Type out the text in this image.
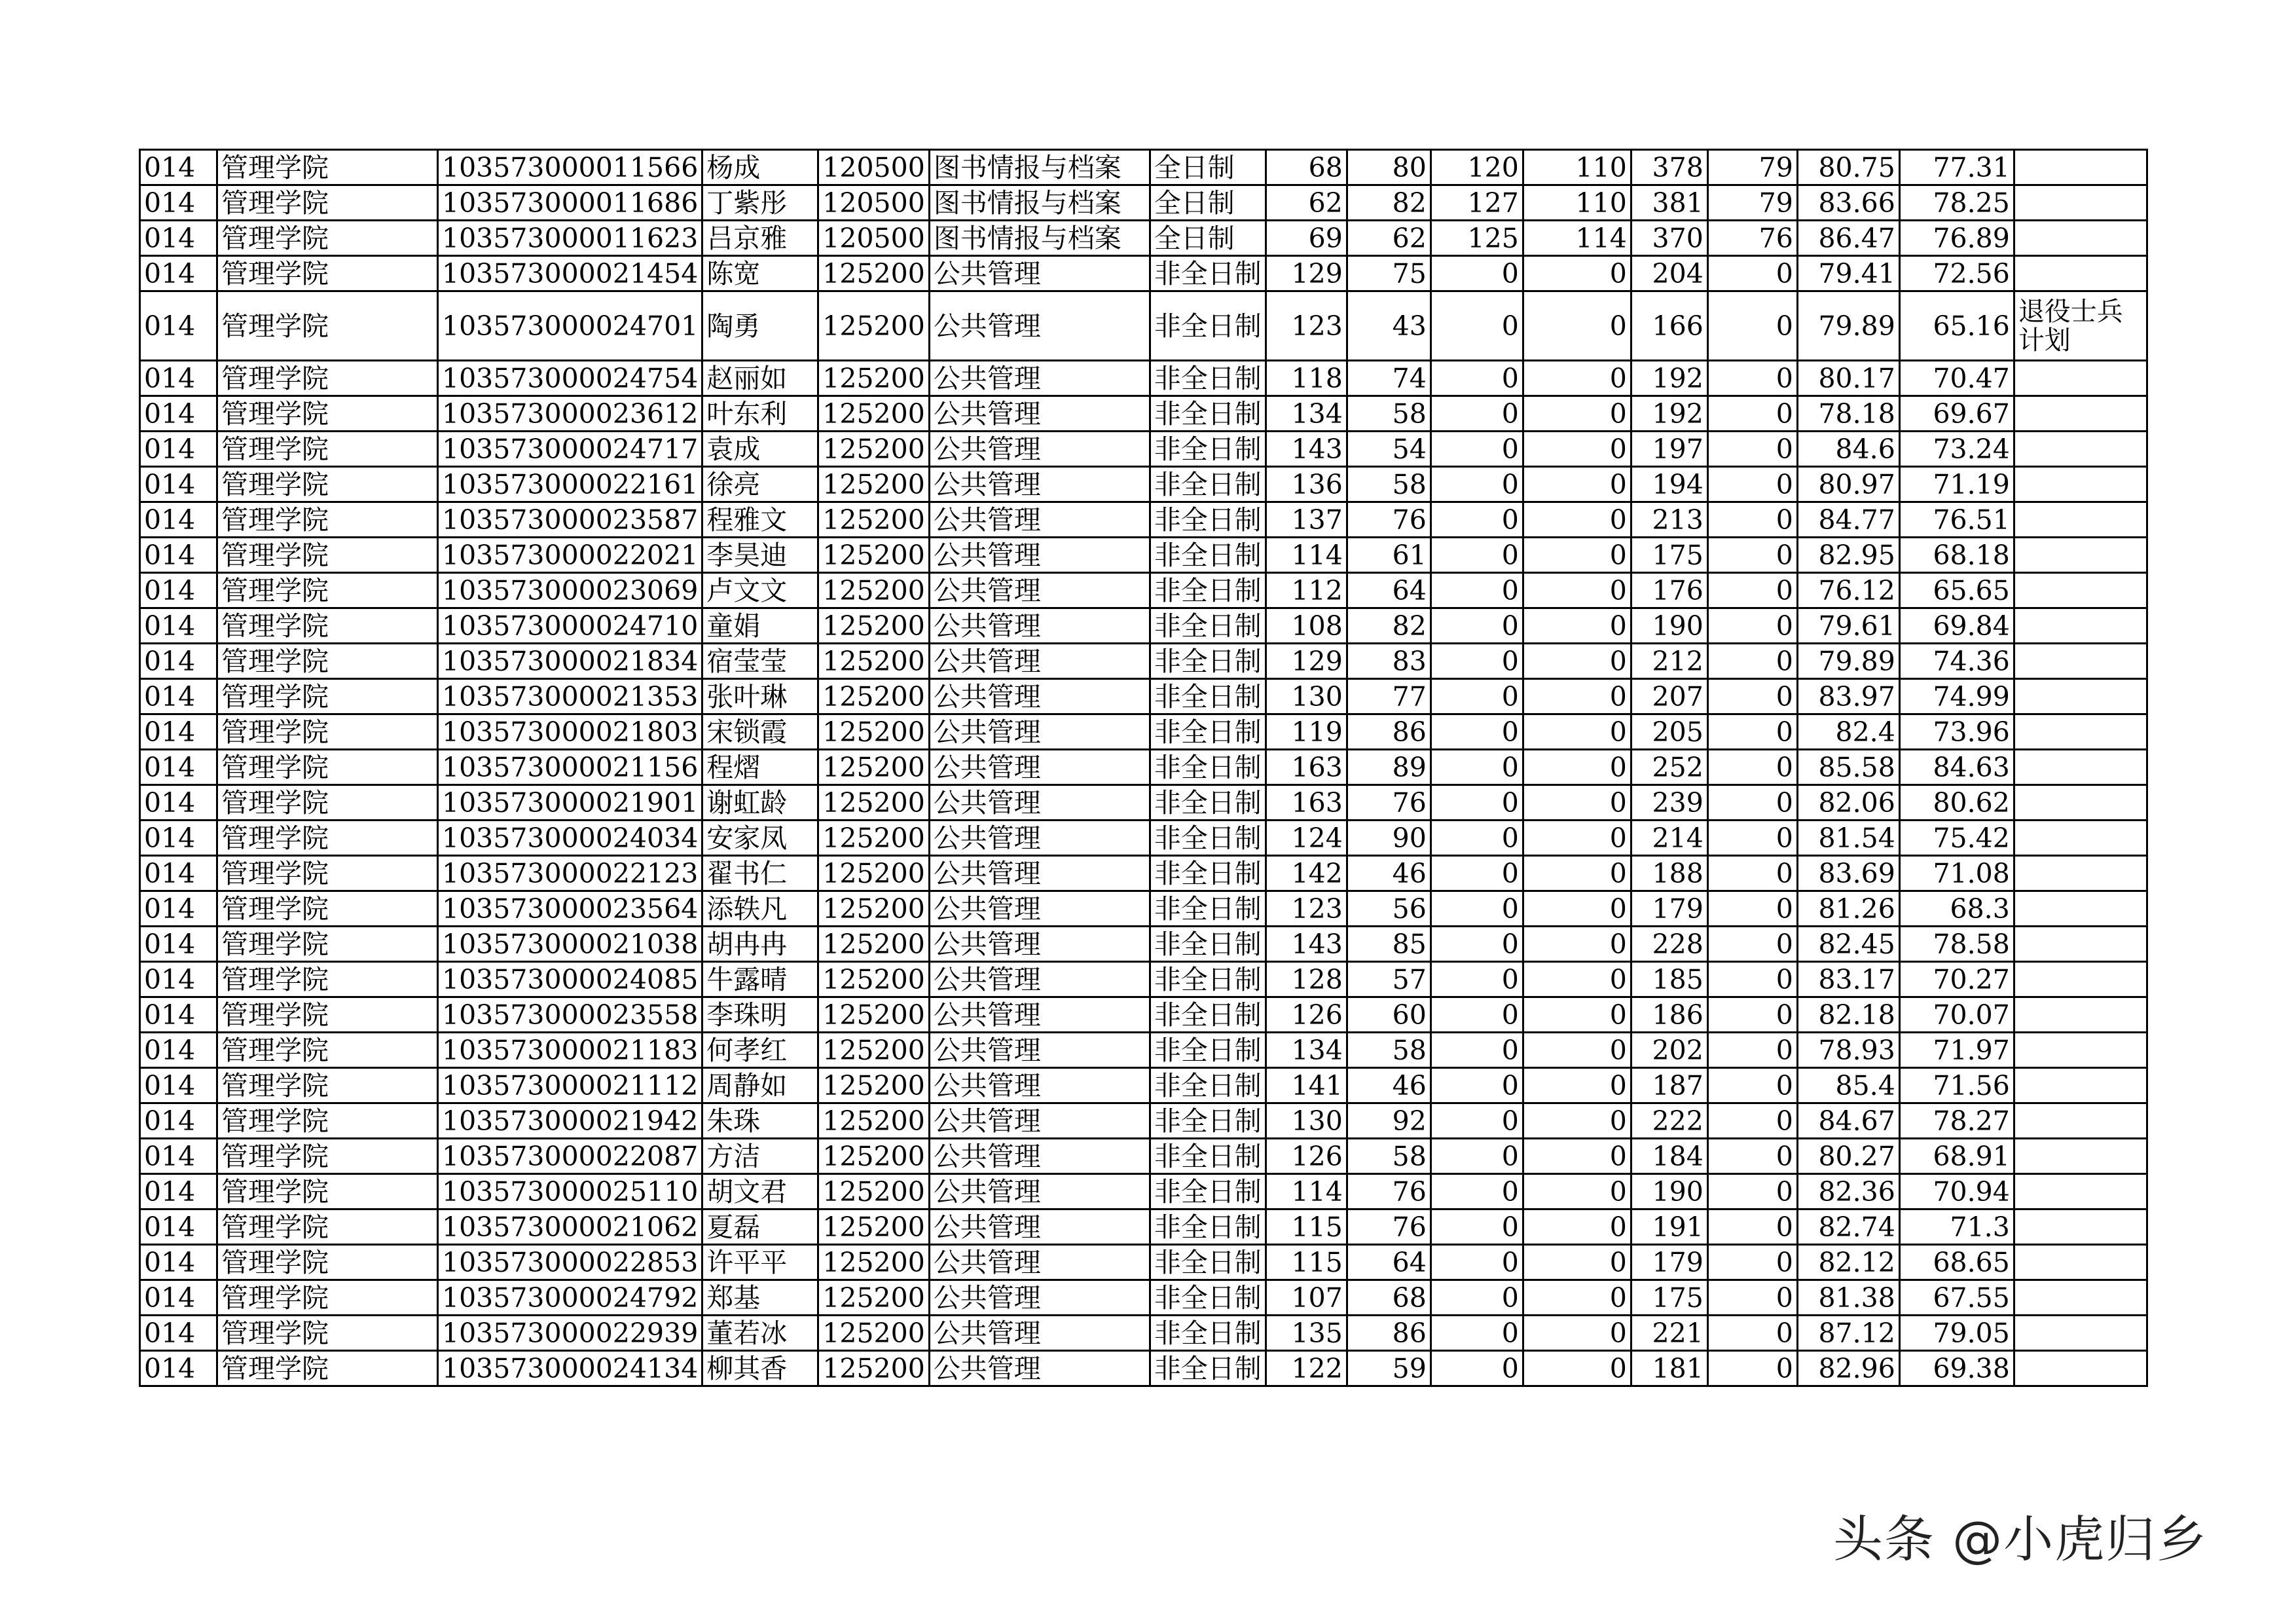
014	管理学院	103573000011566	杨成	120500	图书情报与档案	全日制	68	80	120	110	378	79	80.75	77.31	
014	管理学院	103573000011686	丁紫彤	120500	图书情报与档案	全日制	62	82	127	110	381	79	83.66	78.25	
014	管理学院	103573000011623	吕京雅	120500	图书情报与档案	全日制	69	62	125	114	370	76	86.47	76.89	
014	管理学院	103573000021454	陈宽	125200	公共管理	非全日制	129	75	0	0	204	0	79.41	72.56	
014	管理学院	103573000024701	陶勇	125200	公共管理	非全日制	123	43	0	0	166	0	79.89	65.16	退役士兵计划
014	管理学院	103573000024754	赵丽如	125200	公共管理	非全日制	118	74	0	0	192	0	80.17	70.47	
014	管理学院	103573000023612	叶东利	125200	公共管理	非全日制	134	58	0	0	192	0	78.18	69.67	
014	管理学院	103573000024717	袁成	125200	公共管理	非全日制	143	54	0	0	197	0	84.6	73.24	
014	管理学院	103573000022161	徐亮	125200	公共管理	非全日制	136	58	0	0	194	0	80.97	71.19	
014	管理学院	103573000023587	程雅文	125200	公共管理	非全日制	137	76	0	0	213	0	84.77	76.51	
014	管理学院	103573000022021	李昊迪	125200	公共管理	非全日制	114	61	0	0	175	0	82.95	68.18	
014	管理学院	103573000023069	卢文文	125200	公共管理	非全日制	112	64	0	0	176	0	76.12	65.65	
014	管理学院	103573000024710	童娟	125200	公共管理	非全日制	108	82	0	0	190	0	79.61	69.84	
014	管理学院	103573000021834	宿莹莹	125200	公共管理	非全日制	129	83	0	0	212	0	79.89	74.36	
014	管理学院	103573000021353	张叶琳	125200	公共管理	非全日制	130	77	0	0	207	0	83.97	74.99	
014	管理学院	103573000021803	宋锁霞	125200	公共管理	非全日制	119	86	0	0	205	0	82.4	73.96	
014	管理学院	103573000021156	程熠	125200	公共管理	非全日制	163	89	0	0	252	0	85.58	84.63	
014	管理学院	103573000021901	谢虹龄	125200	公共管理	非全日制	163	76	0	0	239	0	82.06	80.62	
014	管理学院	103573000024034	安家凤	125200	公共管理	非全日制	124	90	0	0	214	0	81.54	75.42	
014	管理学院	103573000022123	翟书仁	125200	公共管理	非全日制	142	46	0	0	188	0	83.69	71.08	
014	管理学院	103573000023564	添轶凡	125200	公共管理	非全日制	123	56	0	0	179	0	81.26	68.3	
014	管理学院	103573000021038	胡冉冉	125200	公共管理	非全日制	143	85	0	0	228	0	82.45	78.58	
014	管理学院	103573000024085	牛露晴	125200	公共管理	非全日制	128	57	0	0	185	0	83.17	70.27	
014	管理学院	103573000023558	李珠明	125200	公共管理	非全日制	126	60	0	0	186	0	82.18	70.07	
014	管理学院	103573000021183	何孝红	125200	公共管理	非全日制	134	58	0	0	202	0	78.93	71.97	
014	管理学院	103573000021112	周静如	125200	公共管理	非全日制	141	46	0	0	187	0	85.4	71.56	
014	管理学院	103573000021942	朱珠	125200	公共管理	非全日制	130	92	0	0	222	0	84.67	78.27	
014	管理学院	103573000022087	方洁	125200	公共管理	非全日制	126	58	0	0	184	0	80.27	68.91	
014	管理学院	103573000025110	胡文君	125200	公共管理	非全日制	114	76	0	0	190	0	82.36	70.94	
014	管理学院	103573000021062	夏磊	125200	公共管理	非全日制	115	76	0	0	191	0	82.74	71.3	
014	管理学院	103573000022853	许平平	125200	公共管理	非全日制	115	64	0	0	179	0	82.12	68.65	
014	管理学院	103573000024792	郑基	125200	公共管理	非全日制	107	68	0	0	175	0	81.38	67.55	
014	管理学院	103573000022939	董若冰	125200	公共管理	非全日制	135	86	0	0	221	0	87.12	79.05	
014	管理学院	103573000024134	柳其香	125200	公共管理	非全日制	122	59	0	0	181	0	82.96	69.38	
头条 @小虎归乡
